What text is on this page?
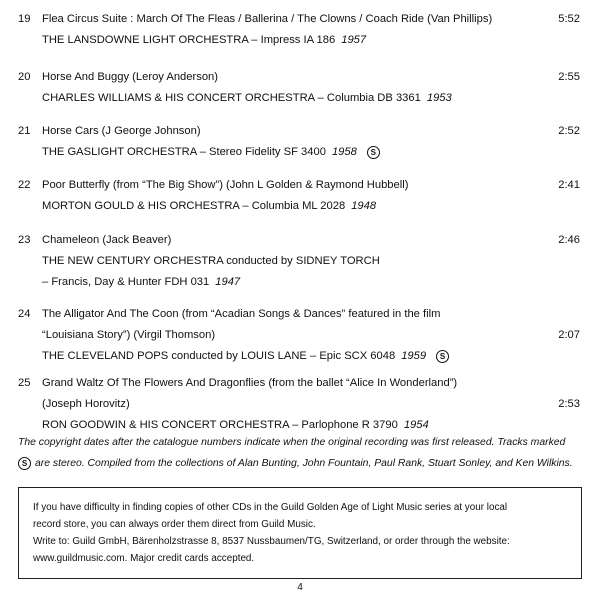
19	Flea Circus Suite : March Of The Fleas / Ballerina / The Clowns / Coach Ride (Van Phillips)	5:52
THE LANSDOWNE LIGHT ORCHESTRA – Impress IA 186 1957
20	Horse And Buggy (Leroy Anderson)	2:55
CHARLES WILLIAMS & HIS CONCERT ORCHESTRA – Columbia DB 3361 1953
21	Horse Cars (J George Johnson)	2:52
THE GASLIGHT ORCHESTRA – Stereo Fidelity SF 3400 1958 S
22	Poor Butterfly (from “The Big Show”) (John L Golden & Raymond Hubbell)	2:41
MORTON GOULD & HIS ORCHESTRA – Columbia ML 2028 1948
23	Chameleon (Jack Beaver)	2:46
THE NEW CENTURY ORCHESTRA conducted by SIDNEY TORCH
– Francis, Day & Hunter FDH 031 1947
24	The Alligator And The Coon (from “Acadian Songs & Dances” featured in the film
“Louisiana Story”) (Virgil Thomson)	2:07
THE CLEVELAND POPS conducted by LOUIS LANE – Epic SCX 6048 1959 S
25	Grand Waltz Of The Flowers And Dragonflies (from the ballet “Alice In Wonderland”)
(Joseph Horovitz)	2:53
RON GOODWIN & HIS CONCERT ORCHESTRA – Parlophone R 3790 1954
The copyright dates after the catalogue numbers indicate when the original recording was first released. Tracks marked
S are stereo. Compiled from the collections of Alan Bunting, John Fountain, Paul Rank, Stuart Sonley, and Ken Wilkins.
If you have difficulty in finding copies of other CDs in the Guild Golden Age of Light Music series at your local
record store, you can always order them direct from Guild Music.
Write to: Guild GmbH, Bärenholzstrasse 8, 8537 Nussbaumen/TG, Switzerland, or order through the website:
www.guildmusic.com. Major credit cards accepted.
4
